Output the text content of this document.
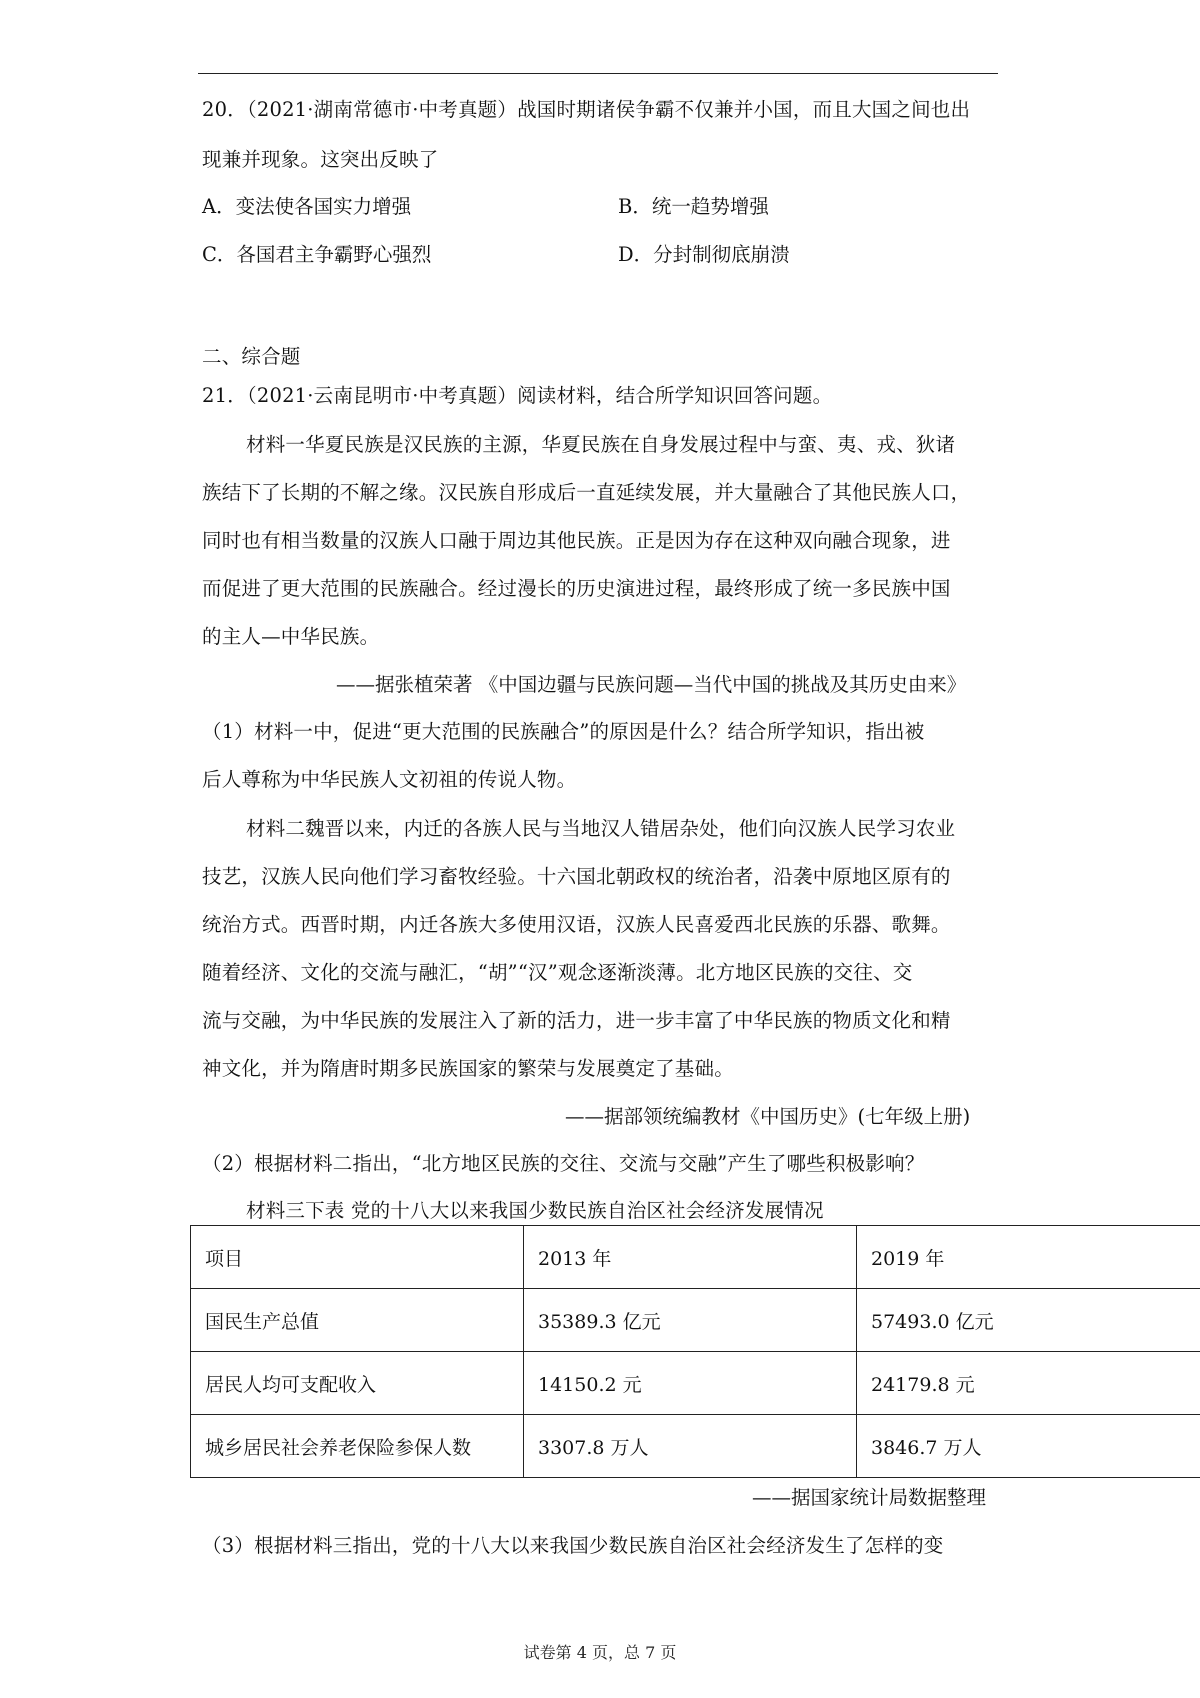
20．（2021·湖南常德市·中考真题）战国时期诸侯争霸不仅兼并小国，而且大国之间也出
现兼并现象。这突出反映了
A．变法使各国实力增强	B．统一趋势增强
C．各国君主争霸野心强烈	D．分封制彻底崩溃
二、综合题
21．（2021·云南昆明市·中考真题）阅读材料，结合所学知识回答问题。
材料一华夏民族是汉民族的主源，华夏民族在自身发展过程中与蛮、夷、戎、狄诸
族结下了长期的不解之缘。汉民族自形成后一直延续发展，并大量融合了其他民族人口，
同时也有相当数量的汉族人口融于周边其他民族。正是因为存在这种双向融合现象，进
而促进了更大范围的民族融合。经过漫长的历史演进过程，最终形成了统一多民族中国
的主人—中华民族。
——据张植荣著 《中国边疆与民族问题—当代中国的挑战及其历史由来》
（1）材料一中，促进“更大范围的民族融合”的原因是什么？结合所学知识，指出被
后人尊称为中华民族人文初祖的传说人物。
材料二魏晋以来，内迁的各族人民与当地汉人错居杂处，他们向汉族人民学习农业
技艺，汉族人民向他们学习畜牧经验。十六国北朝政权的统治者，沿袭中原地区原有的
统治方式。西晋时期，内迁各族大多使用汉语，汉族人民喜爱西北民族的乐器、歌舞。
随着经济、文化的交流与融汇，“胡”“汉”观念逐渐淡薄。北方地区民族的交往、交
流与交融，为中华民族的发展注入了新的活力，进一步丰富了中华民族的物质文化和精
神文化，并为隋唐时期多民族国家的繁荣与发展奠定了基础。
——据部领统编教材《中国历史》(七年级上册)
（2）根据材料二指出，“北方地区民族的交往、交流与交融”产生了哪些积极影响？
材料三下表 党的十八大以来我国少数民族自治区社会经济发展情况
项目	2013 年	2019 年
国民生产总值	35389.3 亿元	57493.0 亿元
居民人均可支配收入	14150.2 元	24179.8 元
城乡居民社会养老保险参保人数	3307.8 万人	3846.7 万人
——据国家统计局数据整理
（3）根据材料三指出，党的十八大以来我国少数民族自治区社会经济发生了怎样的变
试卷第 4 页，总 7 页
